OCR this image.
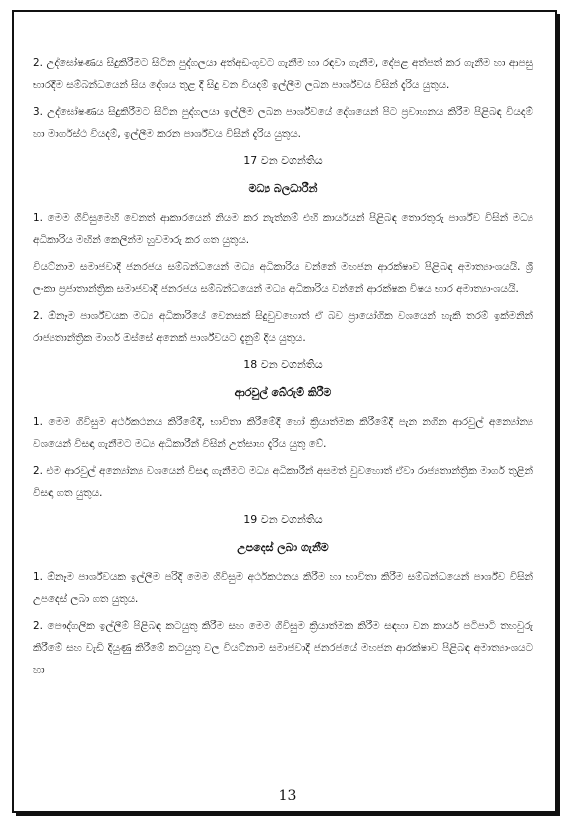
2. උද්ඝෝෂණය සිදුකිරීමට සිටින පුද්ගලයා අත්අඩංගුවට ගැනීම හා රඳවා ගැනීම, දේපළ අත්පත් කර ගැනීම හා ආපසු භාරදීම සම්බන්ධයෙන් සිය දේශය තුළ දී සිදු වන වියදම් ඉල්ලීම ලබන පාර්ශ්වය විසින් දැරිය යුතුය.

3. උද්ඝෝෂණය සිදුකිරීමට සිටින පුද්ගලයා ඉල්ලීම ලබන පාර්ශ්වයේ දේශයෙන් පිට ප්‍රවාහනය කිරීම පිළිබඳ වියදම් හා මාර්ගස්ථ වියදම්, ඉල්ලීම කරන පාර්ශ්වය විසින් දැරිය යුතුය.

17 වන වගන්තිය
මධ්‍ය බලධාරීන්

1. මෙම ගිවිසුමෙහි වෙනත් ආකාරයෙන් නියම කර නැත්නම් එහි කාර්යයන් පිළිබඳ තොරතුරු පාර්ශ්ව විසින් මධ්‍ය අධිකාරිය මඟින් කෙලින්ම හුවමාරු කර ගත යුතුය.

වියට්නාම සමාජවාදී ජනරජය සම්බන්ධයෙන් මධ්‍ය අධිකාරිය වන්නේ මහජන ආරක්ෂාව පිළිබඳ අමාත්‍යාංශයයි. ශ්‍රී ලංකා ප්‍රජාතාන්ත්‍රික සමාජවාදී ජනරජය සම්බන්ධයෙන් මධ්‍ය අධිකාරිය වන්නේ ආරක්ෂක විෂය භාර අමාත්‍යාංශයයි.

2. ඕනෑම පාර්ශ්වයක මධ්‍ය අධිකාරියේ වෙනසක් සිදුවුවහොත් ඒ බව ප්‍රායෝගික වශයෙන් හැකි තරම් ඉක්මනින් රාජ්‍යතාන්ත්‍රික මාර්ග ඔස්සේ අනෙක් පාර්ශ්වයට දැනුම් දිය යුතුය.

18 වන වගන්තිය
ආරවුල් බේරුම් කිරීම

1. මෙම ගිවිසුම අර්ථකථනය කිරීමේදී, භාවිතා කිරීමේදී හෝ ක්‍රියාත්මක කිරීමේදී පැන නගින ආරවුල් අන්‍යෝන්‍ය වශයෙන් විසඳා ගැනීමට මධ්‍ය අධිකාරීන් විසින් උත්සාහ දැරිය යුතු වේ.

2. එම ආරවුල් අන්‍යෝන්‍ය වශයෙන් විසඳා ගැනීමට මධ්‍ය අධිකාරීන් අසමත් වුවහොත් ඒවා රාජ්‍යතාන්ත්‍රික මාර්ග තුළින් විසඳා ගත යුතුය.

19 වන වගන්තිය
උපදෙස් ලබා ගැනීම

1. ඕනෑම පාර්ශ්වයක ඉල්ලීම පරිදි මෙම ගිවිසුම අර්ථකථනය කිරීම හා භාවිතා කිරීම සම්බන්ධයෙන් පාර්ශ්ව විසින් උපදෙස් ලබා ගත යුතුය.

2. පෞද්ගලික ඉල්ලීම් පිළිබඳ කටයුතු කිරීම සහ මෙම ගිවිසුම ක්‍රියාත්මක කිරීම සඳහා වන කාර්ය පටිපාටි තහවුරු කිරීමේ සහ වැඩි දියුණු කිරීමේ කටයුතු වල වියට්නාම සමාජවාදී ජනරජයේ මහජන ආරක්ෂාව පිළිබඳ අමාත්‍යාංශයට හා

13
